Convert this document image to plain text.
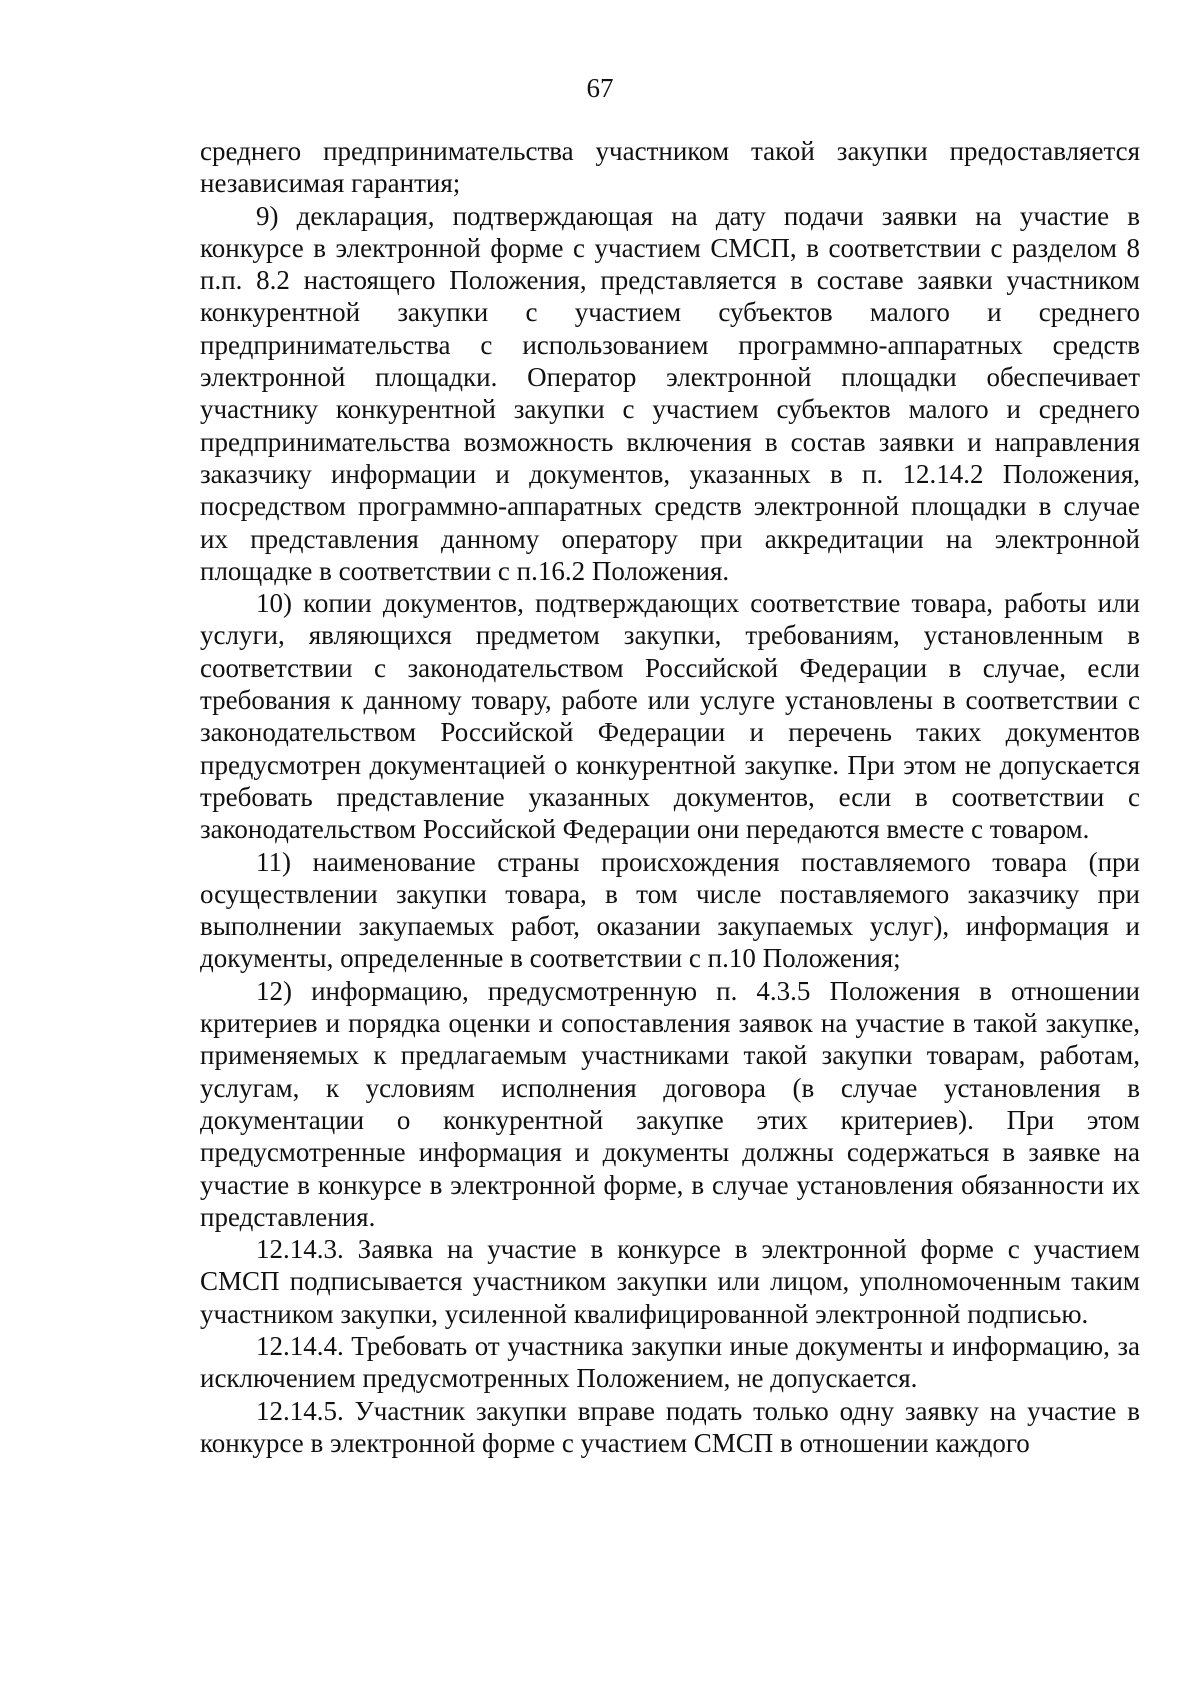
67

среднего предпринимательства участником такой закупки предоставляется независимая гарантия;

9) декларация, подтверждающая на дату подачи заявки на участие в конкурсе в электронной форме с участием СМСП, в соответствии с разделом 8 п.п. 8.2 настоящего Положения, представляется в составе заявки участником конкурентной закупки с участием субъектов малого и среднего предпринимательства с использованием программно-аппаратных средств электронной площадки. Оператор электронной площадки обеспечивает участнику конкурентной закупки с участием субъектов малого и среднего предпринимательства возможность включения в состав заявки и направления заказчику информации и документов, указанных в п. 12.14.2 Положения, посредством программно-аппаратных средств электронной площадки в случае их представления данному оператору при аккредитации на электронной площадке в соответствии с п.16.2 Положения.

10) копии документов, подтверждающих соответствие товара, работы или услуги, являющихся предметом закупки, требованиям, установленным в соответствии с законодательством Российской Федерации в случае, если требования к данному товару, работе или услуге установлены в соответствии с законодательством Российской Федерации и перечень таких документов предусмотрен документацией о конкурентной закупке. При этом не допускается требовать представление указанных документов, если в соответствии с законодательством Российской Федерации они передаются вместе с товаром.

11) наименование страны происхождения поставляемого товара (при осуществлении закупки товара, в том числе поставляемого заказчику при выполнении закупаемых работ, оказании закупаемых услуг), информация и документы, определенные в соответствии с п.10 Положения;

12) информацию, предусмотренную п. 4.3.5 Положения в отношении критериев и порядка оценки и сопоставления заявок на участие в такой закупке, применяемых к предлагаемым участниками такой закупки товарам, работам, услугам, к условиям исполнения договора (в случае установления в документации о конкурентной закупке этих критериев). При этом предусмотренные информация и документы должны содержаться в заявке на участие в конкурсе в электронной форме, в случае установления обязанности их представления.

12.14.3. Заявка на участие в конкурсе в электронной форме с участием СМСП подписывается участником закупки или лицом, уполномоченным таким участником закупки, усиленной квалифицированной электронной подписью.

12.14.4. Требовать от участника закупки иные документы и информацию, за исключением предусмотренных Положением, не допускается.

12.14.5. Участник закупки вправе подать только одну заявку на участие в конкурсе в электронной форме с участием СМСП в отношении каждого
